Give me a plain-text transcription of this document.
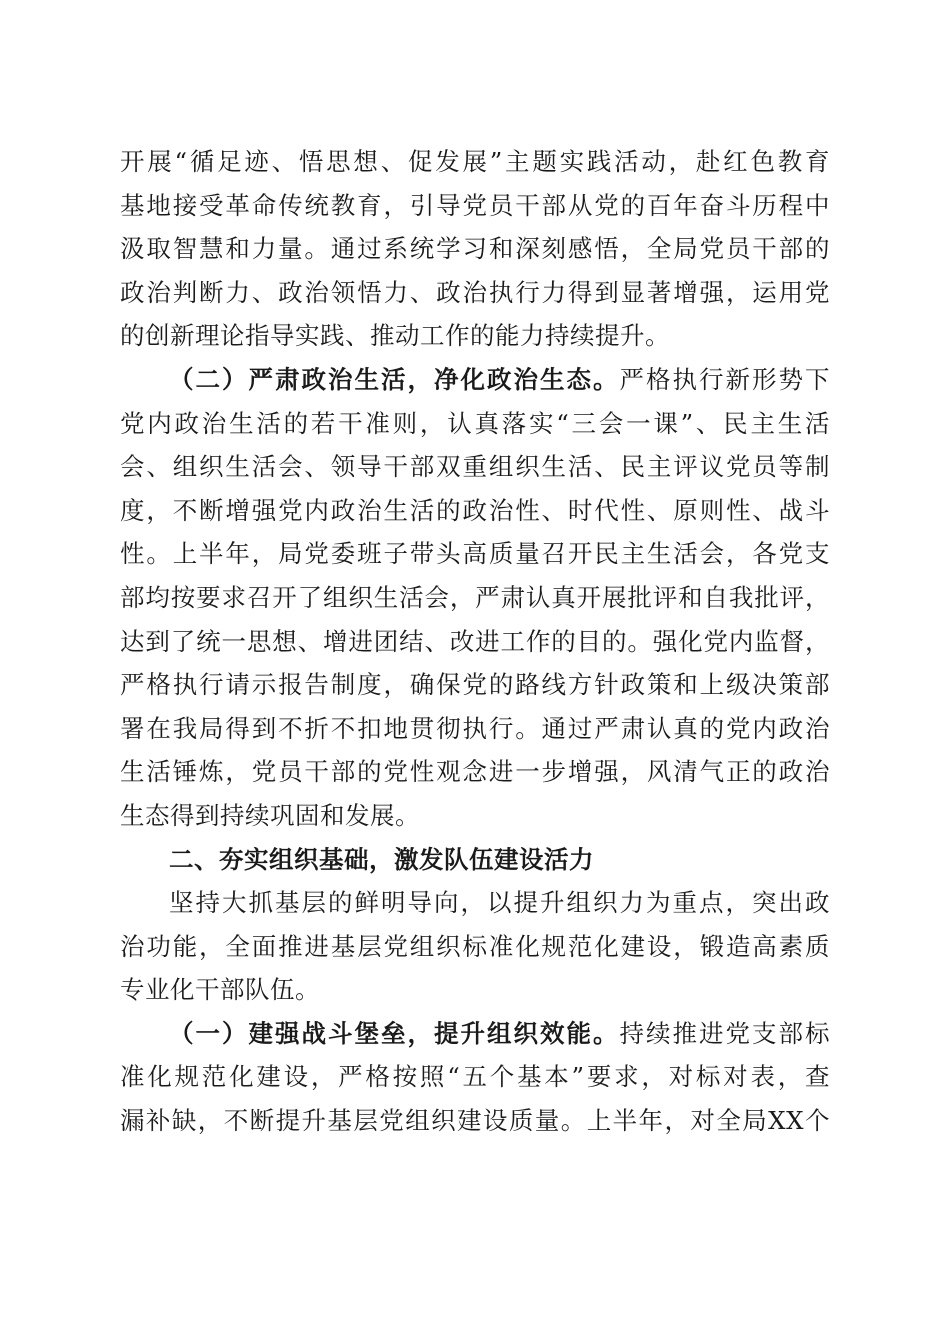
开展“循足迹、悟思想、促发展”主题实践活动，赴红色教育
基地接受革命传统教育，引导党员干部从党的百年奋斗历程中
汲取智慧和力量。通过系统学习和深刻感悟，全局党员干部的
政治判断力、政治领悟力、政治执行力得到显著增强，运用党
的创新理论指导实践、推动工作的能力持续提升。
（二）严肃政治生活，净化政治生态。严格执行新形势下
党内政治生活的若干准则，认真落实“三会一课”、民主生活
会、组织生活会、领导干部双重组织生活、民主评议党员等制
度，不断增强党内政治生活的政治性、时代性、原则性、战斗
性。上半年，局党委班子带头高质量召开民主生活会，各党支
部均按要求召开了组织生活会，严肃认真开展批评和自我批评，
达到了统一思想、增进团结、改进工作的目的。强化党内监督，
严格执行请示报告制度，确保党的路线方针政策和上级决策部
署在我局得到不折不扣地贯彻执行。通过严肃认真的党内政治
生活锤炼，党员干部的党性观念进一步增强，风清气正的政治
生态得到持续巩固和发展。
二、夯实组织基础，激发队伍建设活力
坚持大抓基层的鲜明导向，以提升组织力为重点，突出政
治功能，全面推进基层党组织标准化规范化建设，锻造高素质
专业化干部队伍。
（一）建强战斗堡垒，提升组织效能。持续推进党支部标
准化规范化建设，严格按照“五个基本”要求，对标对表，查
漏补缺，不断提升基层党组织建设质量。上半年，对全局XX个
